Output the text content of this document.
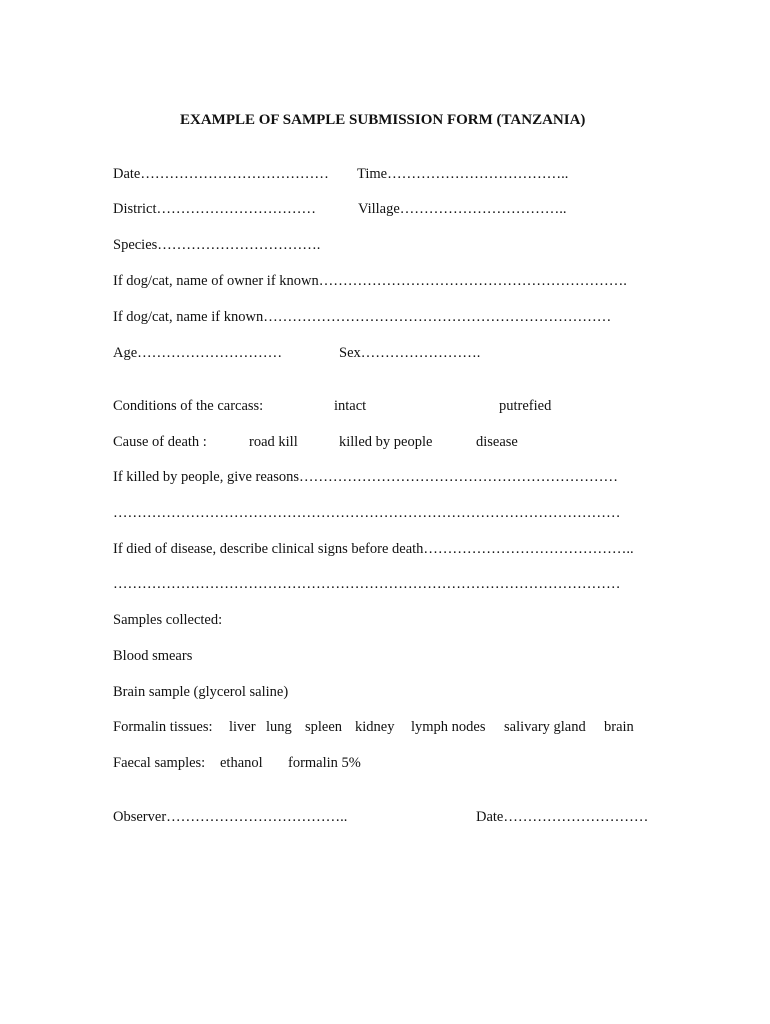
EXAMPLE OF SAMPLE SUBMISSION FORM (TANZANIA)
Date………………………………… Time………………………………..
District……………………………	Village……………………………..
Species…………………………….
If dog/cat, name of owner if known……………………………………………………….
If dog/cat, name if known………………………………………………………………
Age…………………………	Sex…………………….
Conditions of the carcass:	intact	putrefied
Cause of death :	road kill	killed by people	disease
If killed by people, give reasons…………………………………………………………
……………………………………………………………………………………………
If died of disease, describe clinical signs before death……………………………………..
……………………………………………………………………………………………
Samples collected:
Blood smears
Brain sample (glycerol saline)
Formalin tissues: liver lung spleen kidney lymph nodes salivary gland brain
Faecal samples: ethanol formalin 5%
Observer………………………………..	Date…………………………
